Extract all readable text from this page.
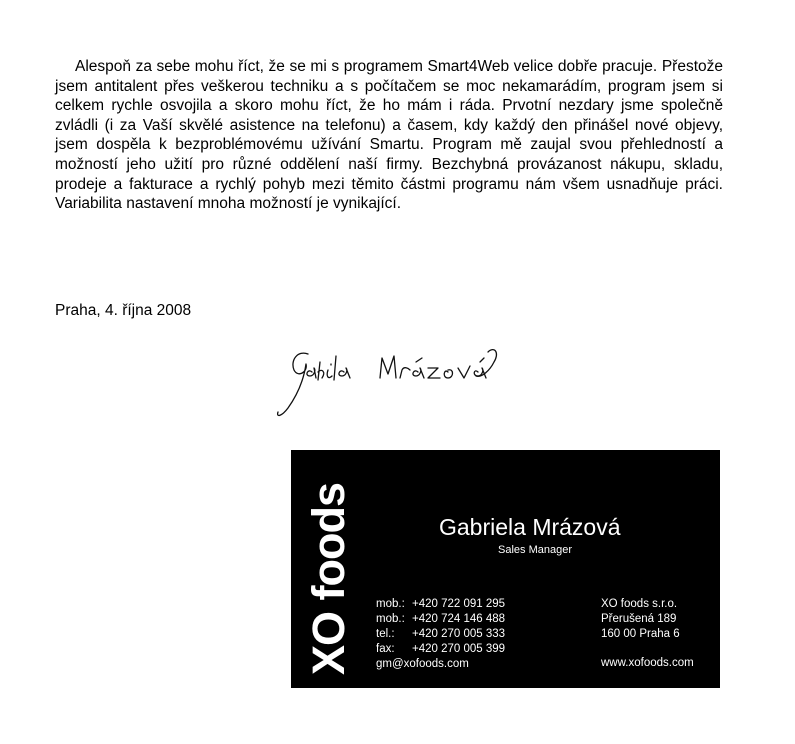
Alespoň za sebe mohu říct, že se mi s programem Smart4Web velice dobře pracuje. Přestože jsem antitalent přes veškerou techniku a s počítačem se moc nekamarádím, program jsem si celkem rychle osvojila a skoro mohu říct, že ho mám i ráda. Prvotní nezdary jsme společně zvládli (i za Vaší skvělé asistence na telefonu) a časem, kdy každý den přinášel nové objevy, jsem dospěla k bezproblémovému užívání Smartu. Program mě zaujal svou přehledností a možností jeho užití pro různé oddělení naší firmy. Bezchybná provázanost nákupu, skladu, prodeje a fakturace a rychlý pohyb mezi těmito částmi programu nám všem usnadňuje práci. Variabilita nastavení mnoha možností je vynikající.

Praha, 4. října 2008
XO foods	Gabriela Mrázová
Sales Manager
mob.: +420 722 091 295
mob.: +420 724 146 488
tel.: +420 270 005 333
fax: +420 270 005 399
gm@xofoods.com
XO foods s.r.o.
Přerušená 189
160 00 Praha 6
www.xofoods.com
